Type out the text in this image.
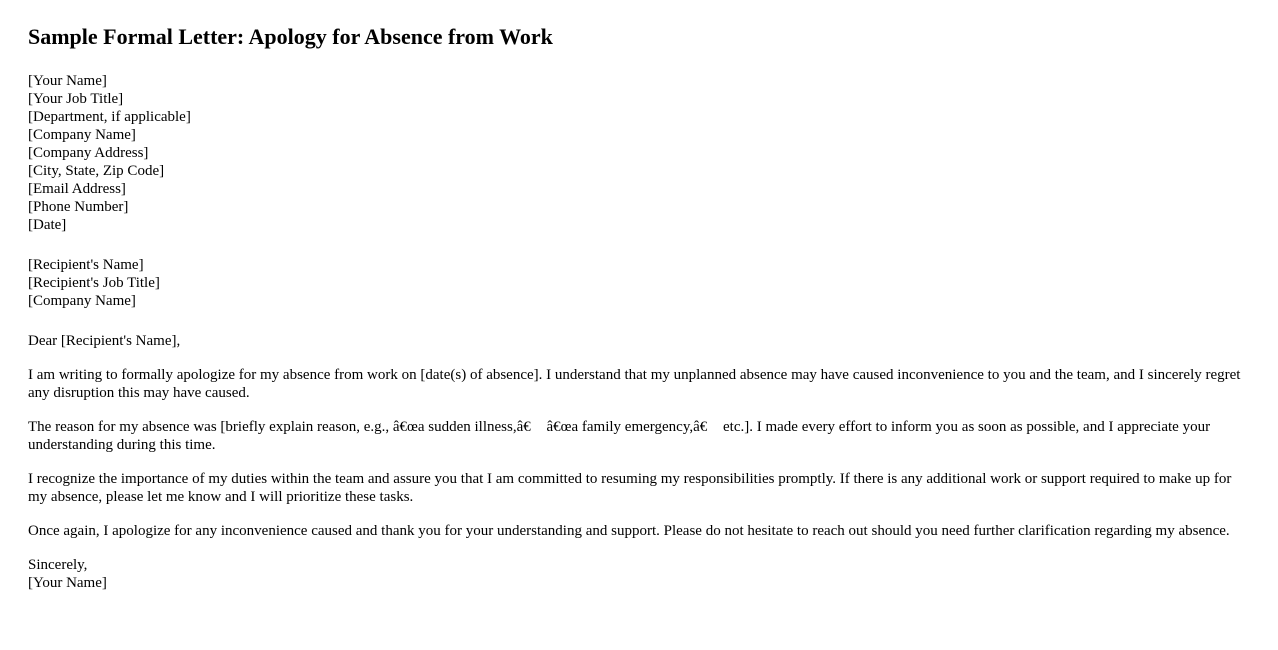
Sample Formal Letter: Apology for Absence from Work
[Your Name]
[Your Job Title]
[Department, if applicable]
[Company Name]
[Company Address]
[City, State, Zip Code]
[Email Address]
[Phone Number]
[Date]
[Recipient's Name]
[Recipient's Job Title]
[Company Name]
Dear [Recipient's Name],

I am writing to formally apologize for my absence from work on [date(s) of absence]. I understand that my unplanned absence may have caused inconvenience to you and the team, and I sincerely regret any disruption this may have caused.

The reason for my absence was [briefly explain reason, e.g., â€œa sudden illness,â€ â€œa family emergency,â€ etc.]. I made every effort to inform you as soon as possible, and I appreciate your understanding during this time.

I recognize the importance of my duties within the team and assure you that I am committed to resuming my responsibilities promptly. If there is any additional work or support required to make up for my absence, please let me know and I will prioritize these tasks.

Once again, I apologize for any inconvenience caused and thank you for your understanding and support. Please do not hesitate to reach out should you need further clarification regarding my absence.

Sincerely,
[Your Name]
